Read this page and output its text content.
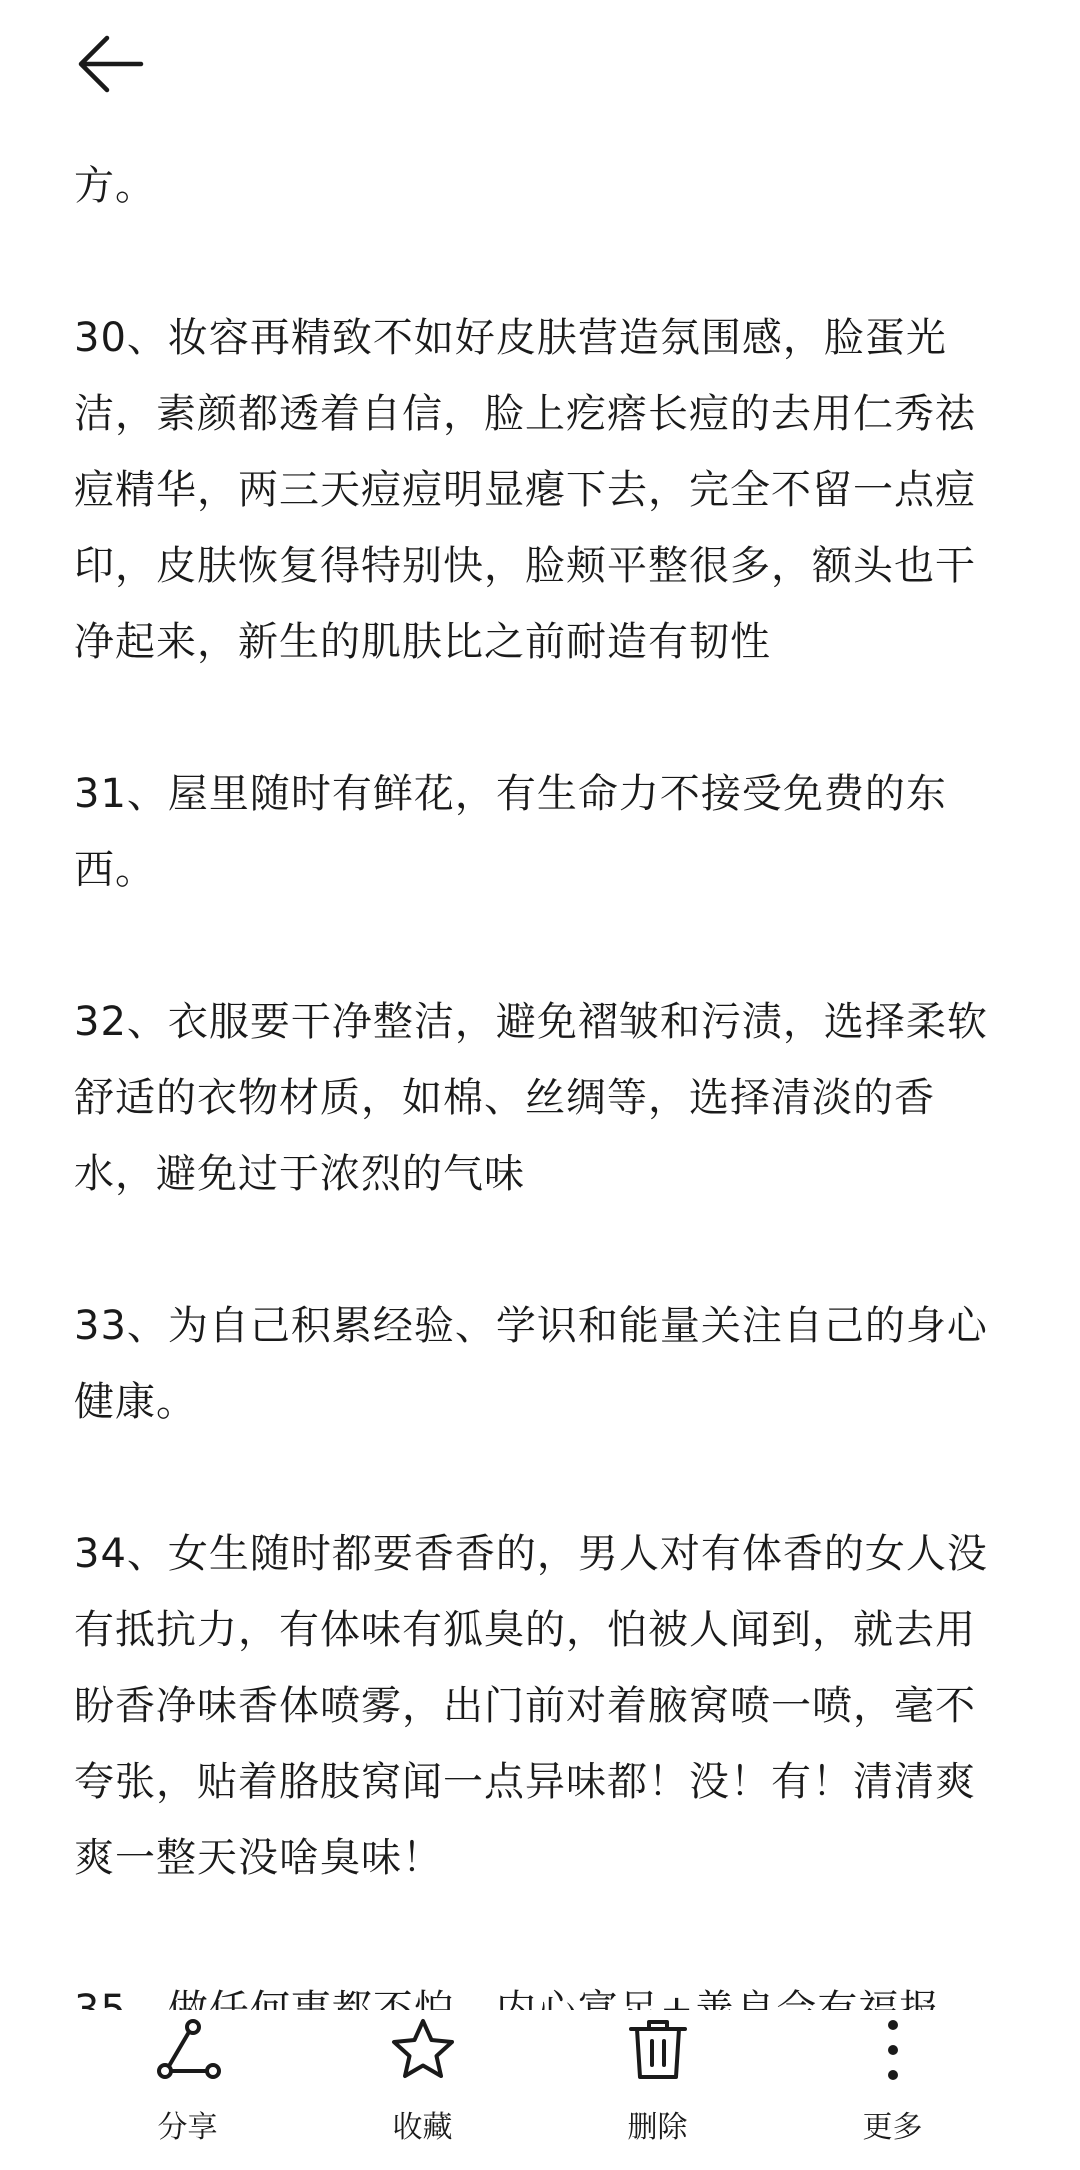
方。

30、妆容再精致不如好皮肤营造氛围感，脸蛋光洁，素颜都透着自信，脸上疙瘩长痘的去用仁秀祛痘精华，两三天痘痘明显瘪下去，完全不留一点痘印，皮肤恢复得特别快，脸颊平整很多，额头也干净起来，新生的肌肤比之前耐造有韧性

31、屋里随时有鲜花，有生命力不接受免费的东西。

32、衣服要干净整洁，避免褶皱和污渍，选择柔软舒适的衣物材质，如棉、丝绸等，选择清淡的香水，避免过于浓烈的气味

33、为自己积累经验、学识和能量关注自己的身心健康。

34、女生随时都要香香的，男人对有体香的女人没有抵抗力，有体味有狐臭的，怕被人闻到，就去用盼香净味香体喷雾，出门前对着腋窝喷一喷，毫不夸张，贴着胳肢窝闻一点异味都！没！有！清清爽爽一整天没啥臭味！

分享	收藏	删除	更多
